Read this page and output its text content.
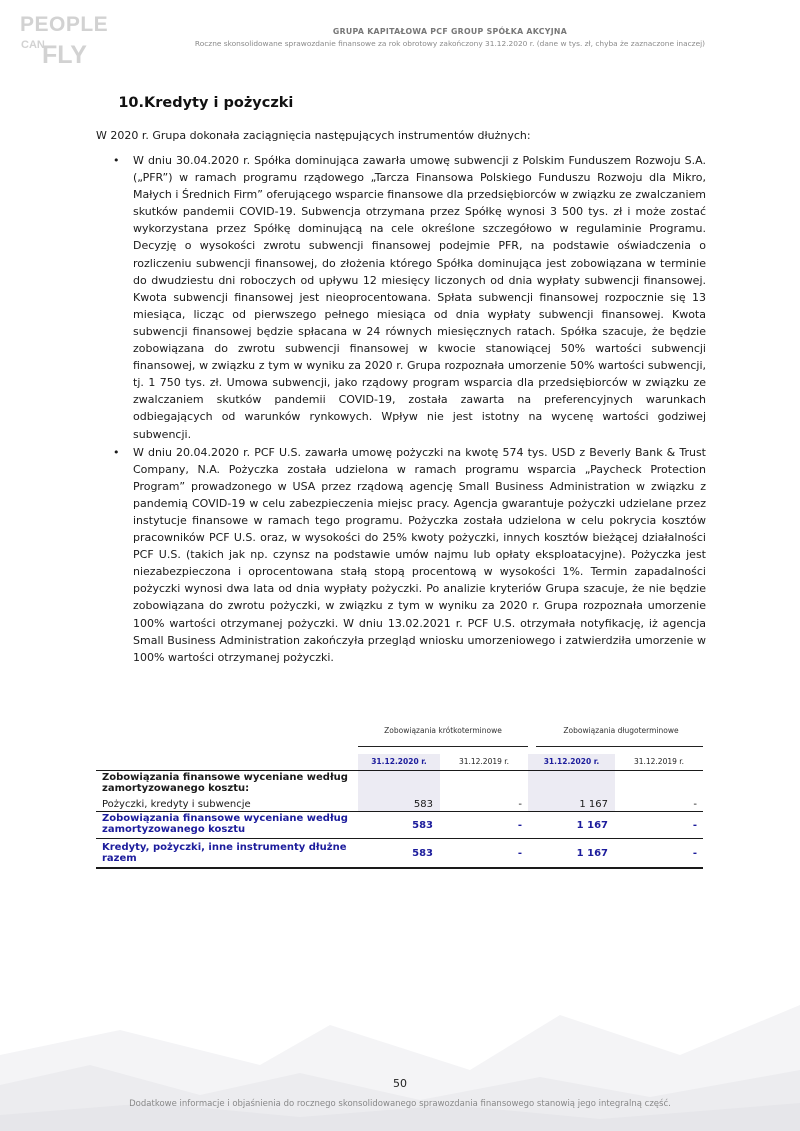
PEOPLE
CAN
FLY
GRUPA KAPITAŁOWA PCF GROUP SPÓŁKA AKCYJNA
Roczne skonsolidowane sprawozdanie finansowe za rok obrotowy zakończony 31.12.2020 r. (dane w tys. zł, chyba że zaznaczone inaczej)
10.Kredyty i pożyczki
W 2020 r. Grupa dokonała zaciągnięcia następujących instrumentów dłużnych:
• W dniu 30.04.2020 r. Spółka dominująca zawarła umowę subwencji z Polskim Funduszem Rozwoju S.A. („PFR”) w ramach programu rządowego „Tarcza Finansowa Polskiego Funduszu Rozwoju dla Mikro, Małych i Średnich Firm” oferującego wsparcie finansowe dla przedsiębiorców w związku ze zwalczaniem skutków pandemii COVID-19. Subwencja otrzymana przez Spółkę wynosi 3 500 tys. zł i może zostać wykorzystana przez Spółkę dominującą na cele określone szczegółowo w regulaminie Programu. Decyzję o wysokości zwrotu subwencji finansowej podejmie PFR, na podstawie oświadczenia o rozliczeniu subwencji finansowej, do złożenia którego Spółka dominująca jest zobowiązana w terminie do dwudziestu dni roboczych od upływu 12 miesięcy liczonych od dnia wypłaty subwencji finansowej. Kwota subwencji finansowej jest nieoprocentowana. Spłata subwencji finansowej rozpocznie się 13 miesiąca, licząc od pierwszego pełnego miesiąca od dnia wypłaty subwencji finansowej. Kwota subwencji finansowej będzie spłacana w 24 równych miesięcznych ratach. Spółka szacuje, że będzie zobowiązana do zwrotu subwencji finansowej w kwocie stanowiącej 50% wartości subwencji finansowej, w związku z tym w wyniku za 2020 r. Grupa rozpoznała umorzenie 50% wartości subwencji, tj. 1 750 tys. zł. Umowa subwencji, jako rządowy program wsparcia dla przedsiębiorców w związku ze zwalczaniem skutków pandemii COVID-19, została zawarta na preferencyjnych warunkach odbiegających od warunków rynkowych. Wpływ nie jest istotny na wycenę wartości godziwej subwencji.
• W dniu 20.04.2020 r. PCF U.S. zawarła umowę pożyczki na kwotę 574 tys. USD z Beverly Bank & Trust Company, N.A. Pożyczka została udzielona w ramach programu wsparcia „Paycheck Protection Program” prowadzonego w USA przez rządową agencję Small Business Administration w związku z pandemią COVID-19 w celu zabezpieczenia miejsc pracy. Agencja gwarantuje pożyczki udzielane przez instytucje finansowe w ramach tego programu. Pożyczka została udzielona w celu pokrycia kosztów pracowników PCF U.S. oraz, w wysokości do 25% kwoty pożyczki, innych kosztów bieżącej działalności PCF U.S. (takich jak np. czynsz na podstawie umów najmu lub opłaty eksploatacyjne). Pożyczka jest niezabezpieczona i oprocentowana stałą stopą procentową w wysokości 1%. Termin zapadalności pożyczki wynosi dwa lata od dnia wypłaty pożyczki. Po analizie kryteriów Grupa szacuje, że nie będzie zobowiązana do zwrotu pożyczki, w związku z tym w wyniku za 2020 r. Grupa rozpoznała umorzenie 100% wartości otrzymanej pożyczki. W dniu 13.02.2021 r. PCF U.S. otrzymała notyfikację, iż agencja Small Business Administration zakończyła przegląd wniosku umorzeniowego i zatwierdziła umorzenie w 100% wartości otrzymanej pożyczki.
Zobowiązania krótkoterminowe	Zobowiązania długoterminowe
31.12.2020 r.	31.12.2019 r.	31.12.2020 r.	31.12.2019 r.
Zobowiązania finansowe wyceniane według zamortyzowanego kosztu:
Pożyczki, kredyty i subwencje	583	-	1 167	-
Zobowiązania finansowe wyceniane według zamortyzowanego kosztu	583	-	1 167	-
Kredyty, pożyczki, inne instrumenty dłużne razem	583	-	1 167	-
50
Dodatkowe informacje i objaśnienia do rocznego skonsolidowanego sprawozdania finansowego stanowią jego integralną część.
